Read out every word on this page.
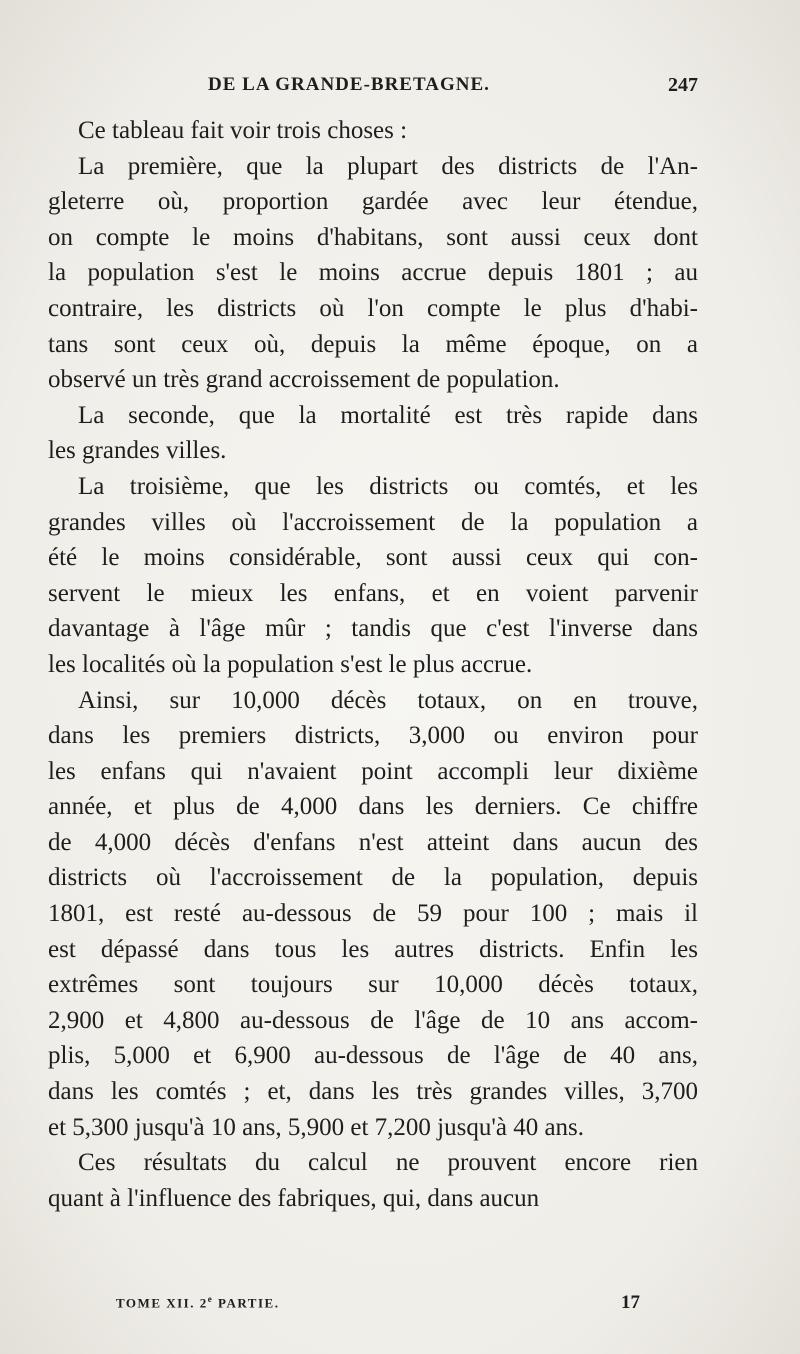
DE LA GRANDE-BRETAGNE.	247
Ce tableau fait voir trois choses :
La première, que la plupart des districts de l'An-
gleterre où, proportion gardée avec leur étendue,
on compte le moins d'habitans, sont aussi ceux dont
la population s'est le moins accrue depuis 1801 ; au
contraire, les districts où l'on compte le plus d'habi-
tans sont ceux où, depuis la même époque, on a
observé un très grand accroissement de population.
La seconde, que la mortalité est très rapide dans
les grandes villes.
La troisième, que les districts ou comtés, et les
grandes villes où l'accroissement de la population a
été le moins considérable, sont aussi ceux qui con-
servent le mieux les enfans, et en voient parvenir
davantage à l'âge mûr ; tandis que c'est l'inverse dans
les localités où la population s'est le plus accrue.
Ainsi, sur 10,000 décès totaux, on en trouve,
dans les premiers districts, 3,000 ou environ pour
les enfans qui n'avaient point accompli leur dixième
année, et plus de 4,000 dans les derniers. Ce chiffre
de 4,000 décès d'enfans n'est atteint dans aucun des
districts où l'accroissement de la population, depuis
1801, est resté au-dessous de 59 pour 100 ; mais il
est dépassé dans tous les autres districts. Enfin les
extrêmes sont toujours sur 10,000 décès totaux,
2,900 et 4,800 au-dessous de l'âge de 10 ans accom-
plis, 5,000 et 6,900 au-dessous de l'âge de 40 ans,
dans les comtés ; et, dans les très grandes villes, 3,700
et 5,300 jusqu'à 10 ans, 5,900 et 7,200 jusqu'à 40 ans.
Ces résultats du calcul ne prouvent encore rien
quant à l'influence des fabriques, qui, dans aucun
TOME XII. 2e PARTIE.	17
